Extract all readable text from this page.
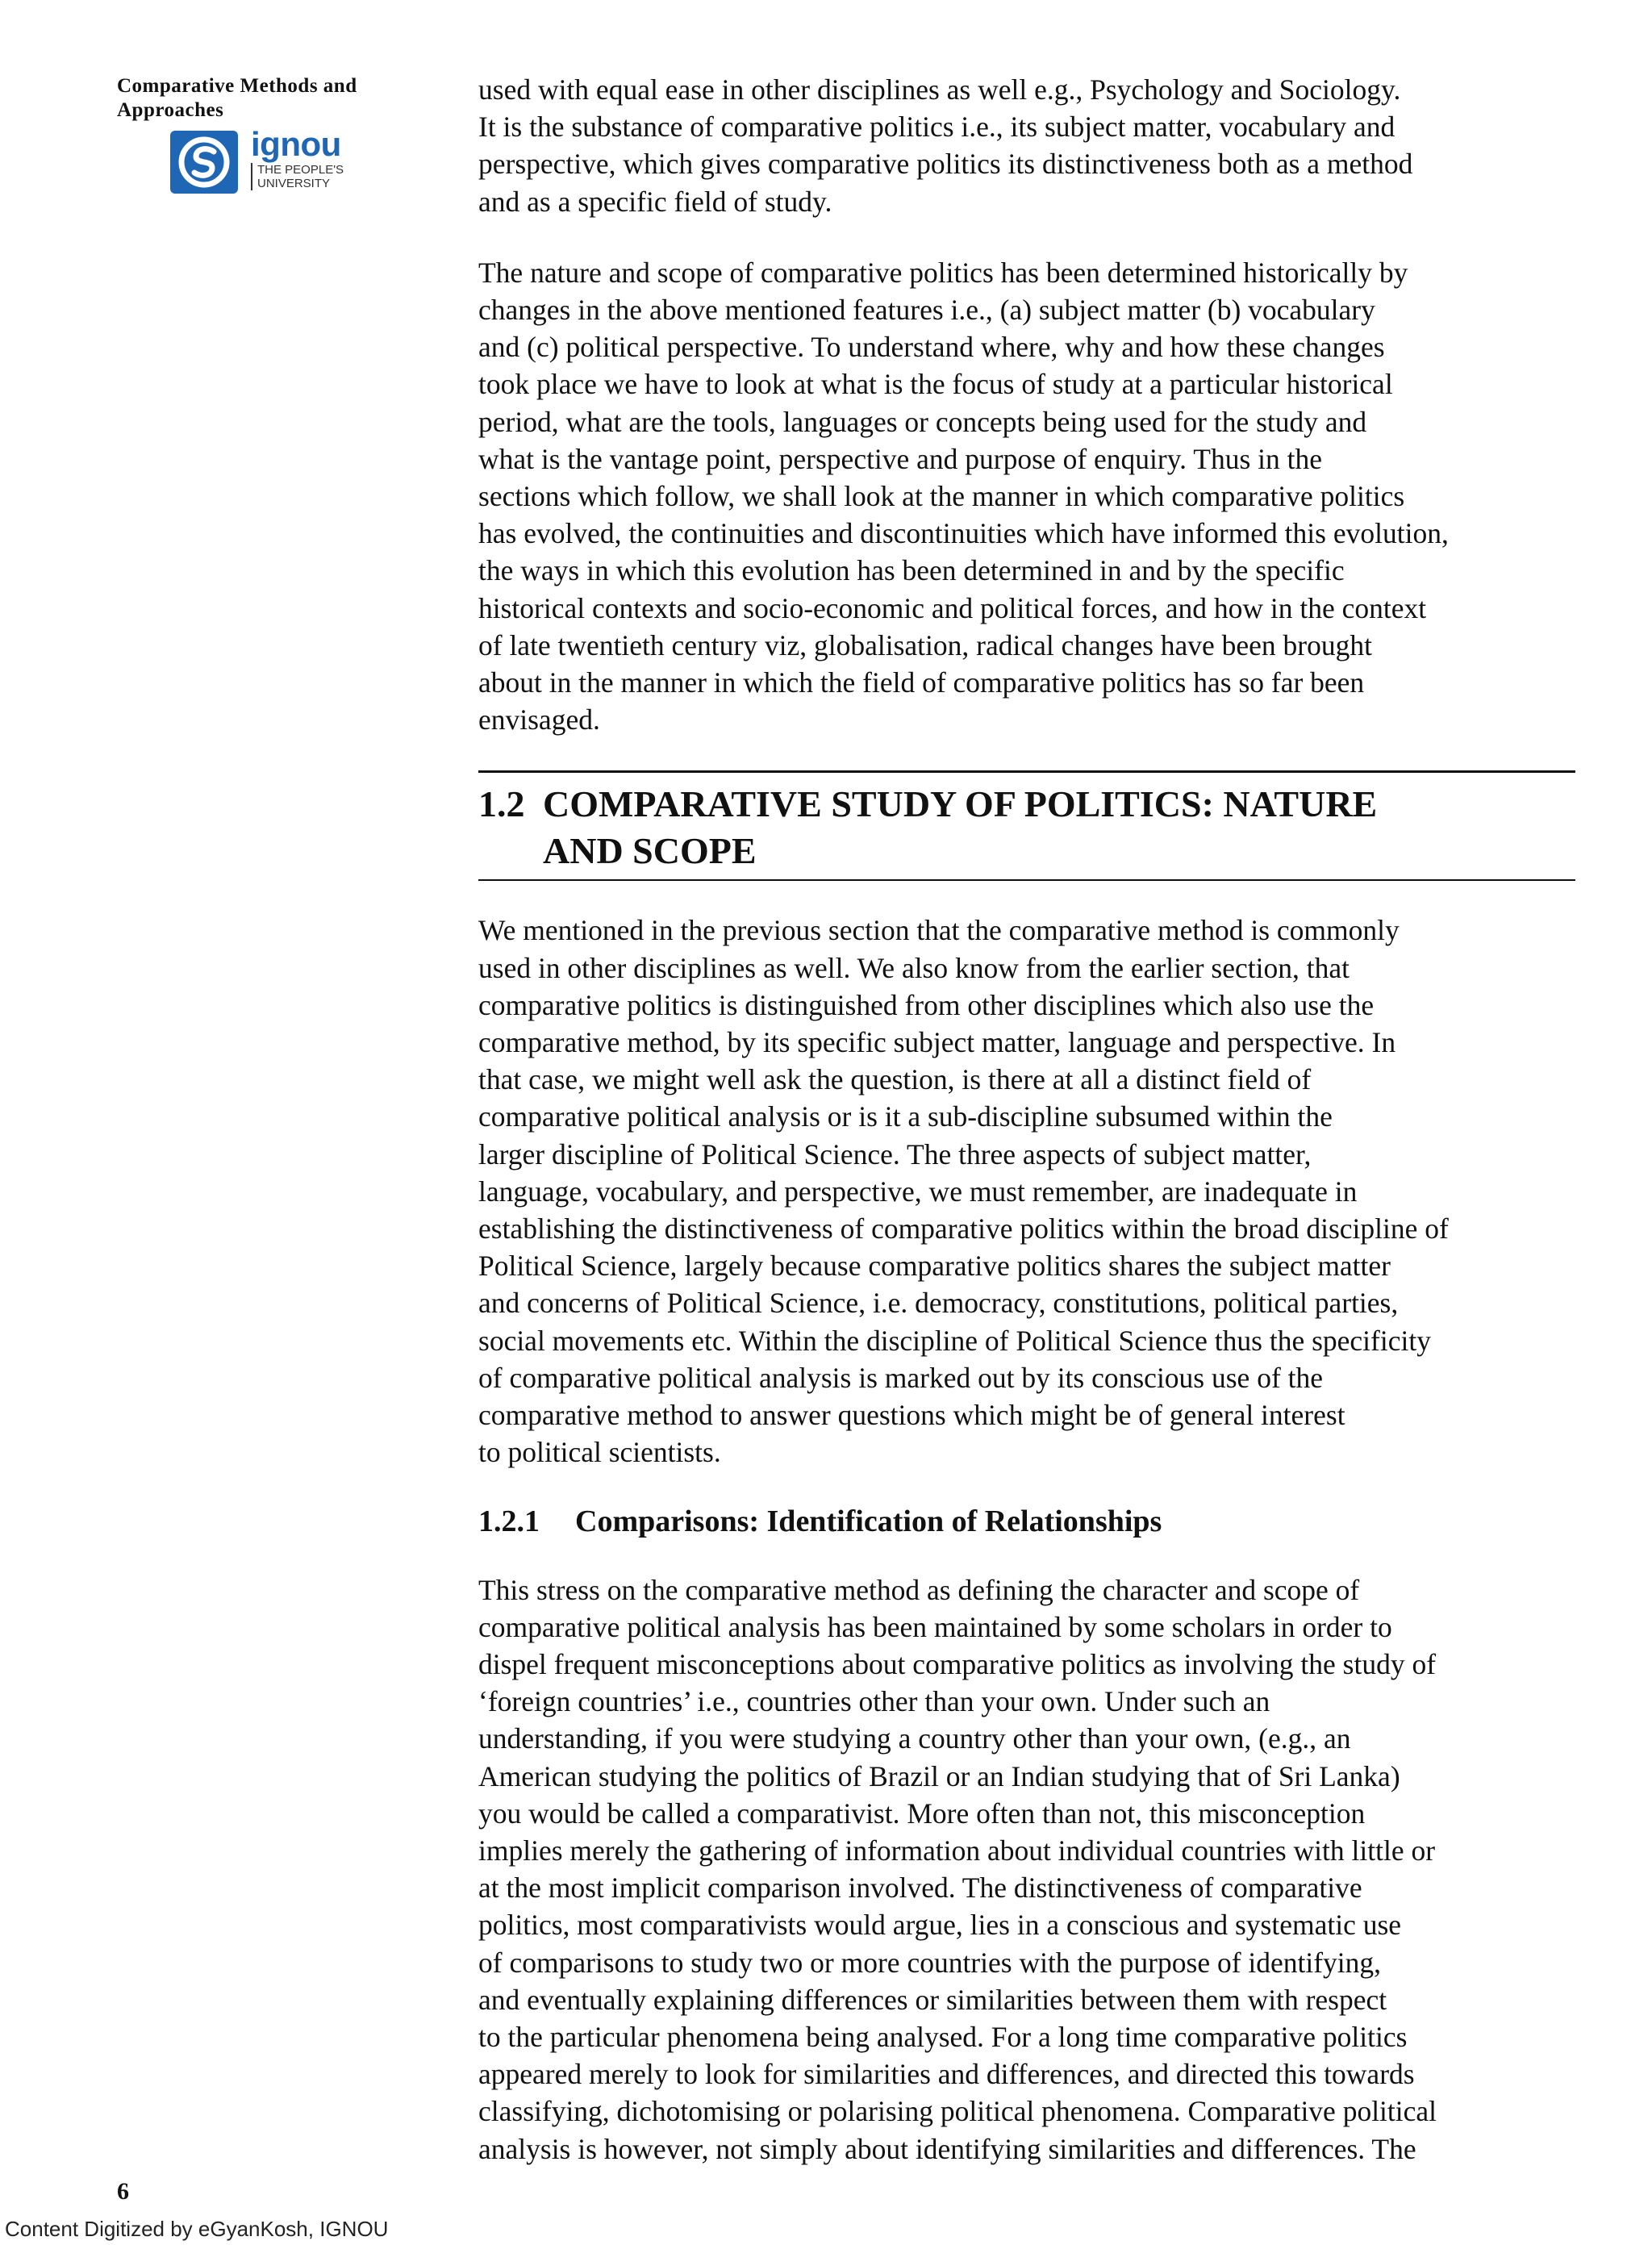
Comparative Methods and
Approaches

ignou
THE PEOPLE'S
UNIVERSITY

used with equal ease in other disciplines as well e.g., Psychology and Sociology.
It is the substance of comparative politics i.e., its subject matter, vocabulary and
perspective, which gives comparative politics its distinctiveness both as a method
and as a specific field of study.

The nature and scope of comparative politics has been determined historically by
changes in the above mentioned features i.e., (a) subject matter (b) vocabulary
and (c) political perspective. To understand where, why and how these changes
took place we have to look at what is the focus of study at a particular historical
period, what are the tools, languages or concepts being used for the study and
what is the vantage point, perspective and purpose of enquiry. Thus in the
sections which follow, we shall look at the manner in which comparative politics
has evolved, the continuities and discontinuities which have informed this evolution,
the ways in which this evolution has been determined in and by the specific
historical contexts and socio-economic and political forces, and how in the context
of late twentieth century viz, globalisation, radical changes have been brought
about in the manner in which the field of comparative politics has so far been
envisaged.

1.2 COMPARATIVE STUDY OF POLITICS: NATURE
AND SCOPE

We mentioned in the previous section that the comparative method is commonly
used in other disciplines as well. We also know from the earlier section, that
comparative politics is distinguished from other disciplines which also use the
comparative method, by its specific subject matter, language and perspective. In
that case, we might well ask the question, is there at all a distinct field of
comparative political analysis or is it a sub-discipline subsumed within the
larger discipline of Political Science. The three aspects of subject matter,
language, vocabulary, and perspective, we must remember, are inadequate in
establishing the distinctiveness of comparative politics within the broad discipline of
Political Science, largely because comparative politics shares the subject matter
and concerns of Political Science, i.e. democracy, constitutions, political parties,
social movements etc. Within the discipline of Political Science thus the specificity
of comparative political analysis is marked out by its conscious use of the
comparative method to answer questions which might be of general interest
to political scientists.

1.2.1	Comparisons: Identification of Relationships

This stress on the comparative method as defining the character and scope of
comparative political analysis has been maintained by some scholars in order to
dispel frequent misconceptions about comparative politics as involving the study of
‘foreign countries’ i.e., countries other than your own. Under such an
understanding, if you were studying a country other than your own, (e.g., an
American studying the politics of Brazil or an Indian studying that of Sri Lanka)
you would be called a comparativist. More often than not, this misconception
implies merely the gathering of information about individual countries with little or
at the most implicit comparison involved. The distinctiveness of comparative
politics, most comparativists would argue, lies in a conscious and systematic use
of comparisons to study two or more countries with the purpose of identifying,
and eventually explaining differences or similarities between them with respect
to the particular phenomena being analysed. For a long time comparative politics
appeared merely to look for similarities and differences, and directed this towards
classifying, dichotomising or polarising political phenomena. Comparative political
analysis is however, not simply about identifying similarities and differences. The

6
Content Digitized by eGyanKosh, IGNOU
